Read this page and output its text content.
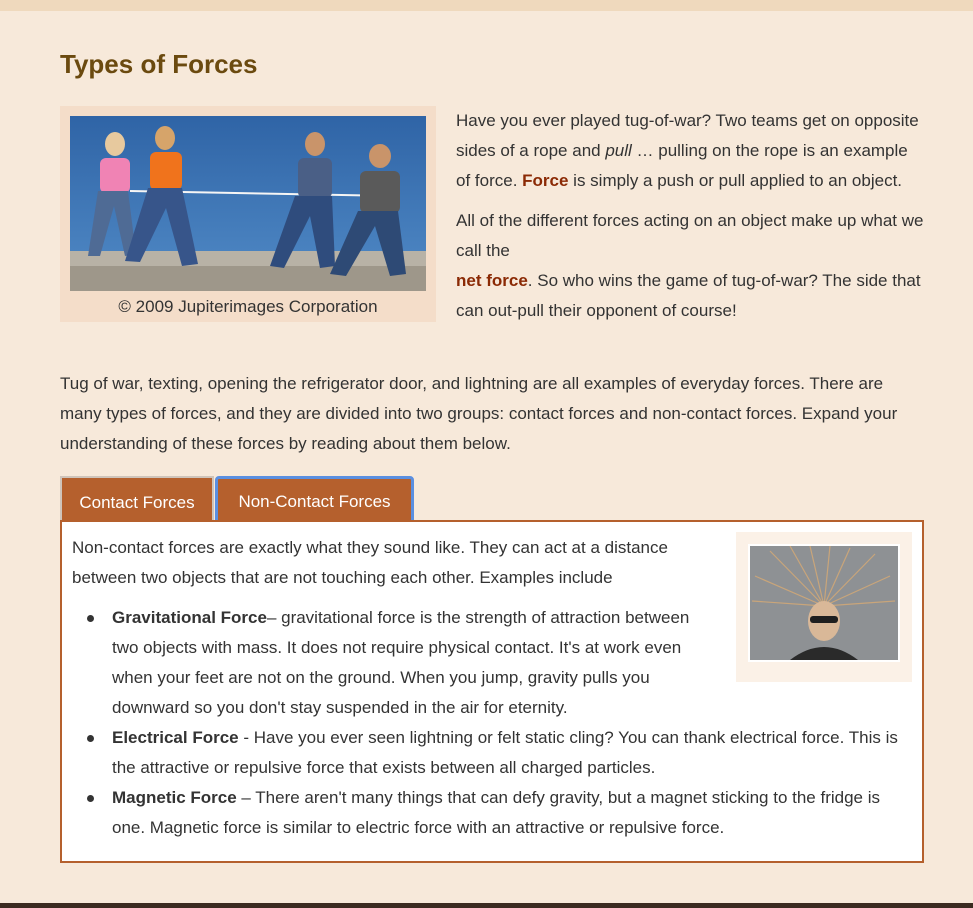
Types of Forces
© 2009 Jupiterimages Corporation

Have you ever played tug-of-war? Two teams get on opposite sides of a rope and pull … pulling on the rope is an example of force. Force is simply a push or pull applied to an object.

All of the different forces acting on an object make up what we call the
net force. So who wins the game of tug-of-war? The side that can out-pull their opponent of course!

Tug of war, texting, opening the refrigerator door, and lightning are all examples of everyday forces. There are many types of forces, and they are divided into two groups: contact forces and non-contact forces. Expand your understanding of these forces by reading about them below.

Contact Forces	Non-Contact Forces

Non-contact forces are exactly what they sound like. They can act at a distance between two objects that are not touching each other. Examples include

Gravitational Force– gravitational force is the strength of attraction between two objects with mass. It does not require physical contact. It's at work even when your feet are not on the ground. When you jump, gravity pulls you downward so you don't stay suspended in the air for eternity.
Electrical Force - Have you ever seen lightning or felt static cling? You can thank electrical force. This is the attractive or repulsive force that exists between all charged particles.
Magnetic Force – There aren't many things that can defy gravity, but a magnet sticking to the fridge is one. Magnetic force is similar to electric force with an attractive or repulsive force.
